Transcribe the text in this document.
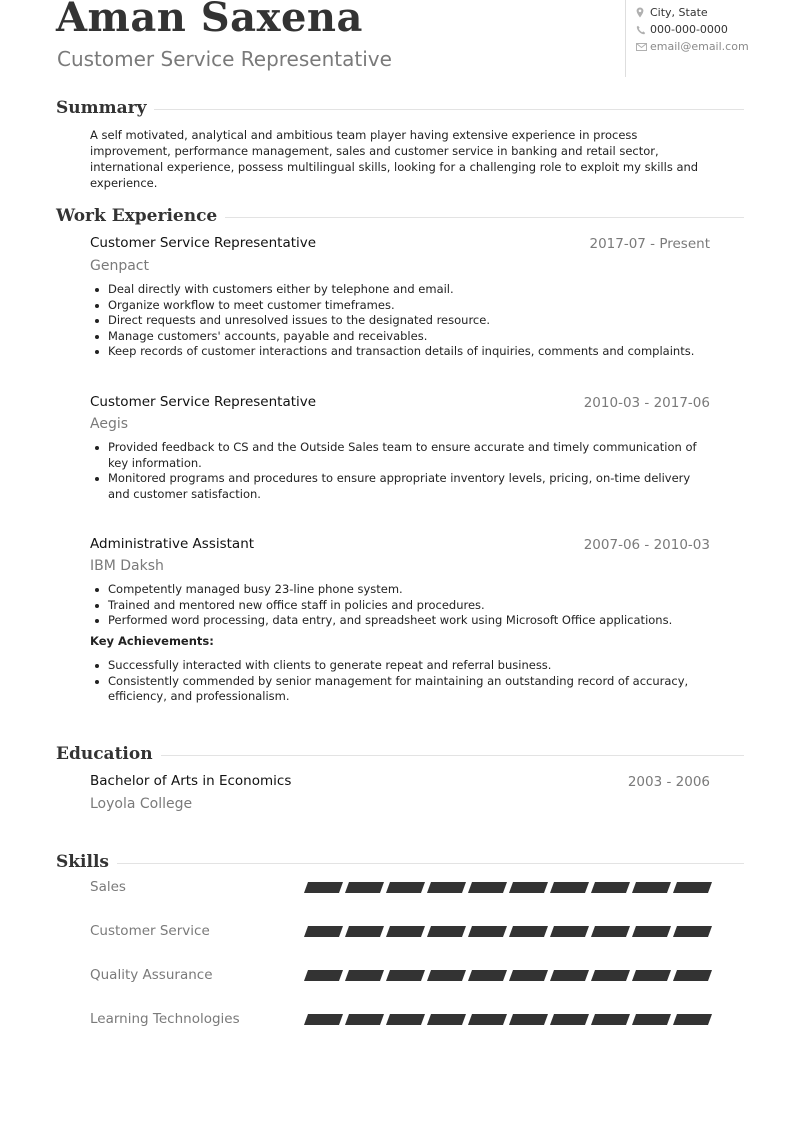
Aman Saxena
Customer Service Representative
City, State
000-000-0000
email@email.com
Summary
A self motivated, analytical and ambitious team player having extensive experience in process improvement, performance management, sales and customer service in banking and retail sector, international experience, possess multilingual skills, looking for a challenging role to exploit my skills and experience.
Work Experience
Customer Service Representative	2017-07 - Present
Genpact
Deal directly with customers either by telephone and email.
Organize workflow to meet customer timeframes.
Direct requests and unresolved issues to the designated resource.
Manage customers' accounts, payable and receivables.
Keep records of customer interactions and transaction details of inquiries, comments and complaints.
Customer Service Representative	2010-03 - 2017-06
Aegis
Provided feedback to CS and the Outside Sales team to ensure accurate and timely communication of key information.
Monitored programs and procedures to ensure appropriate inventory levels, pricing, on-time delivery and customer satisfaction.
Administrative Assistant	2007-06 - 2010-03
IBM Daksh
Competently managed busy 23-line phone system.
Trained and mentored new office staff in policies and procedures.
Performed word processing, data entry, and spreadsheet work using Microsoft Office applications.
Key Achievements:
Successfully interacted with clients to generate repeat and referral business.
Consistently commended by senior management for maintaining an outstanding record of accuracy, efficiency, and professionalism.
Education
Bachelor of Arts in Economics	2003 - 2006
Loyola College
Skills
Sales
Customer Service
Quality Assurance
Learning Technologies
